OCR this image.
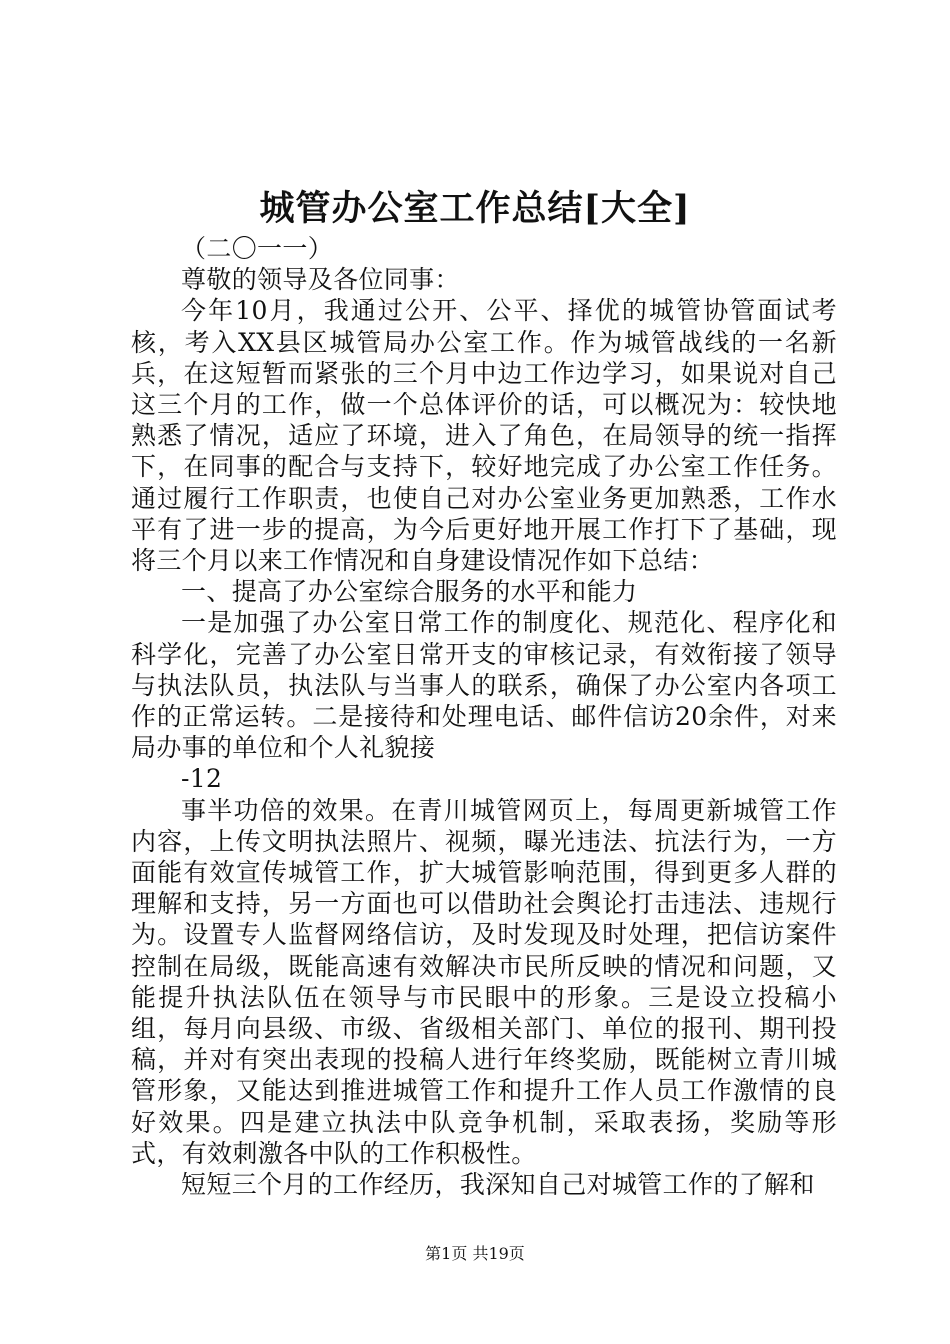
城管办公室工作总结[大全]

（二〇一一）

尊敬的领导及各位同事：

今年10月，我通过公开、公平、择优的城管协管面试考核，考入XX县区城管局办公室工作。作为城管战线的一名新兵，在这短暂而紧张的三个月中边工作边学习，如果说对自己这三个月的工作，做一个总体评价的话，可以概况为：较快地熟悉了情况，适应了环境，进入了角色，在局领导的统一指挥下，在同事的配合与支持下，较好地完成了办公室工作任务。通过履行工作职责，也使自己对办公室业务更加熟悉，工作水平有了进一步的提高，为今后更好地开展工作打下了基础，现将三个月以来工作情况和自身建设情况作如下总结：

一、提高了办公室综合服务的水平和能力

一是加强了办公室日常工作的制度化、规范化、程序化和科学化，完善了办公室日常开支的审核记录，有效衔接了领导与执法队员，执法队与当事人的联系，确保了办公室内各项工作的正常运转。二是接待和处理电话、邮件信访20余件，对来局办事的单位和个人礼貌接

-12

事半功倍的效果。在青川城管网页上，每周更新城管工作内容，上传文明执法照片、视频，曝光违法、抗法行为，一方面能有效宣传城管工作，扩大城管影响范围，得到更多人群的理解和支持，另一方面也可以借助社会舆论打击违法、违规行为。设置专人监督网络信访，及时发现及时处理，把信访案件控制在局级，既能高速有效解决市民所反映的情况和问题，又能提升执法队伍在领导与市民眼中的形象。三是设立投稿小组，每月向县级、市级、省级相关部门、单位的报刊、期刊投稿，并对有突出表现的投稿人进行年终奖励，既能树立青川城管形象，又能达到推进城管工作和提升工作人员工作激情的良好效果。四是建立执法中队竞争机制，采取表扬，奖励等形式，有效刺激各中队的工作积极性。

短短三个月的工作经历，我深知自己对城管工作的了解和

第1页 共19页
